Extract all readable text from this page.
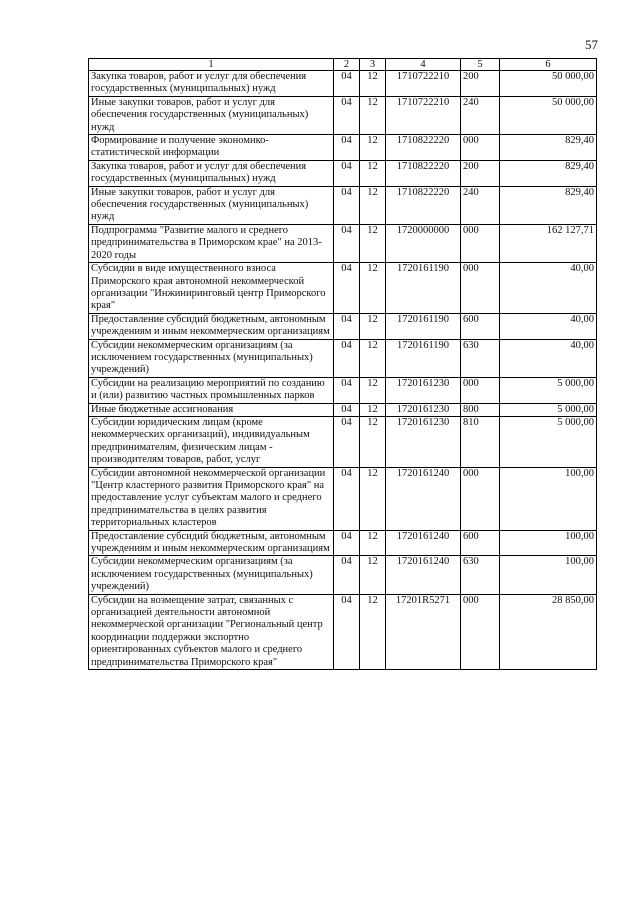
57
1	2	3	4	5	6
Закупка товаров, работ и услуг для обеспечения государственных (муниципальных) нужд	04	12	1710722210	200	50 000,00
Иные закупки товаров, работ и услуг для обеспечения государственных (муниципальных) нужд	04	12	1710722210	240	50 000,00
Формирование и получение экономико-статистической информации	04	12	1710822220	000	829,40
Закупка товаров, работ и услуг для обеспечения государственных (муниципальных) нужд	04	12	1710822220	200	829,40
Иные закупки товаров, работ и услуг для обеспечения государственных (муниципальных) нужд	04	12	1710822220	240	829,40
Подпрограмма "Развитие малого и среднего предпринимательства в Приморском крае" на 2013-2020 годы	04	12	1720000000	000	162 127,71
Субсидии в виде имущественного взноса Приморского края автономной некоммерческой организации "Инжиниринговый центр Приморского края"	04	12	1720161190	000	40,00
Предоставление субсидий бюджетным, автономным учреждениям и иным некоммерческим организациям	04	12	1720161190	600	40,00
Субсидии некоммерческим организациям (за исключением государственных (муниципальных) учреждений)	04	12	1720161190	630	40,00
Субсидии на реализацию мероприятий по созданию и (или) развитию частных промышленных парков	04	12	1720161230	000	5 000,00
Иные бюджетные ассигнования	04	12	1720161230	800	5 000,00
Субсидии юридическим лицам (кроме некоммерческих организаций), индивидуальным предпринимателям, физическим лицам - производителям товаров, работ, услуг	04	12	1720161230	810	5 000,00
Субсидии автономной некоммерческой организации "Центр кластерного развития Приморского края" на предоставление услуг субъектам малого и среднего предпринимательства в целях развития территориальных кластеров	04	12	1720161240	000	100,00
Предоставление субсидий бюджетным, автономным учреждениям и иным некоммерческим организациям	04	12	1720161240	600	100,00
Субсидии некоммерческим организациям (за исключением государственных (муниципальных) учреждений)	04	12	1720161240	630	100,00
Субсидии на возмещение затрат, связанных с организацией деятельности автономной некоммерческой организации "Региональный центр координации поддержки экспортно ориентированных субъектов малого и среднего предпринимательства Приморского края"	04	12	17201R5271	000	28 850,00
